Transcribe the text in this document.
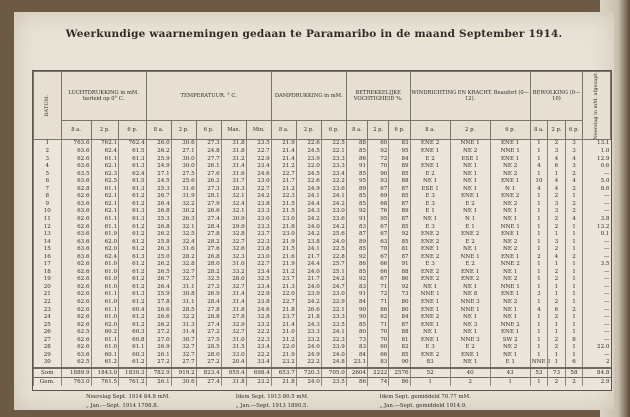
Weerkundige waarnemingen gedaan te Paramaribo in de maand September 1914.
DATUM.	LUCHTDRUKKING in mM. herleid op 0° C.			TEMPERATUUR. ° C.					DAMPDRUKKING in mM.			BETREKKELIJKE VOCHTIGHEID %.			WINDRICHTING EN KRACHT. Beaufort (0—12).			BEWOLKING (0—10)			Neerslag in mM. afgezapt.

	8 a.	2 p.	6 p.	8 a.	2 p.	6 p.	Max.	Min.	8 a.	2 p.	6 p.	8 a.	2 p.	6 p.	8 a.	2 p.	6 p.	8 a.	2 p.	6 p.	
1	763.6	762.1	762.4	26.0	30.6	27.3	31.8	23.5	21.9	22.6	22.5	88	60	83	ENE 2	NNE 1	ENE 1	1	2	3	13.1
2	63.6	62.4	61.5	26.2	27.1	24.8	31.8	22.7	21.4	24.5	22.1	85	92	95	ENE 1	NE 2	NNE 1	1	3	3	1.0
3	62.6	61.1	61.3	25.9	30.0	27.7	31.2	22.9	21.4	23.9	23.3	86	72	84	E 2	ESE 1	ENE 1	1	4	4	12.9
4	63.6	62.1	61.3	24.9	30.0	26.1	31.4	23.4	21.2	22.0	23.3	91	70	89	ENE 1	NE 1	NE 2	4	6	3	0.6
5	63.5	62.3	62.4	27.1	27.5	27.6	31.6	24.6	22.7	24.5	23.4	85	90	85	E 2	NE 1	NE 2	1	1	2	—
6	63.6	62.5	61.5	24.5	25.6	26.2	31.7	23.0	21.7	22.6	22.2	95	93	88	NE 1	NE 1	ENE 1	10	4	4	5.0
7	62.8	61.1	61.3	25.3	31.6	27.3	28.3	22.7	21.2	24.9	23.6	89	67	87	ESE 1	NE 1	N 1	4	4	2	8.6
8	62.6	62.1	61.2	26.7	31.9	28.1	32.1	24.2	22.3	24.1	24.1	85	69	85	E 3	ENE 1	ENE 2	1	2	1	—
9	63.6	62.1	61.2	26.4	32.2	27.9	32.4	23.8	21.5	24.4	24.2	85	68	87	E 3	E 2	NE 2	1	3	2	—
10	63.6	62.1	61.3	26.8	30.2	26.6	32.1	23.3	21.5	24.3	23.0	92	76	89	E 1	NE 1	NE 1	1	3	2	—
11	62.6	61.1	61.3	25.3	26.3	27.4	30.9	23.0	23.0	24.2	23.6	91	95	87	NE 1	N 1	NE 1	1	2	4	3.8
12	62.6	61.1	61.2	26.8	32.1	28.4	29.9	23.3	21.8	24.0	24.2	83	67	85	E 3	E 1	NNE 1	1	2	1	13.2
13	63.6	61.9	61.2	26.2	32.5	27.8	32.8	23.7	23.0	24.2	25.6	87	67	92	ENE 2	ENE 2	ENE 1	1	1	1	0.1
14	63.6	62.0	61.2	25.8	32.4	28.2	32.7	22.3	21.9	23.8	24.0	89	63	85	ENE 2	E 2	NE 2	1	3	1	—
15	63.6	62.0	61.2	26.3	31.6	27.6	32.6	23.8	21.5	24.1	22.5	85	70	81	ENE 1	NE 1	NE 2	1	2	1	—
16	63.6	62.4	61.3	25.0	28.2	26.8	32.3	23.0	21.6	21.7	22.8	92	67	87	ENE 2	NNE 1	ENE 1	2	4	2	—
17	62.6	61.0	61.2	26.2	32.8	28.0	31.0	22.7	21.9	24.4	25.7	86	66	91	E 3	E 2	NNE 2	1	1	1	3.5
18	62.6	61.0	61.2	26.5	32.7	28.2	33.2	23.4	21.2	24.0	25.1	85	66	88	ENE 2	ENE 1	NE 1	1	2	1	—
19	62.6	61.0	61.2	26.7	32.7	32.5	28.0	32.5	23.7	21.7	24.2	92	67	86	ENE 2	ENE 2	NE 2	1	2	1	—
20	62.6	61.0	61.2	26.4	31.1	27.2	32.7	23.4	21.3	24.0	24.7	83	71	92	NE 1	NE 1	NNE 1	1	1	1	—
21	62.6	61.1	61.3	25.9	30.8	26.9	31.4	22.9	22.0	23.9	23.0	91	72	73	NNE 1	NE 8	ENE 1	3	1	1	—
22	62.6	61.0	61.2	27.8	31.1	28.4	31.4	23.8	22.7	24.2	22.9	84	71	80	ENE 1	NNE 3	NE 2	1	2	1	—
23	62.6	61.1	60.4	26.6	28.5	27.8	31.8	24.6	21.8	26.6	22.1	90	86	80	ENE 1	NNE 1	NE 1	4	6	2	—
24	62.6	61.0	61.2	26.6	32.2	28.8	27.8	32.8	23.7	21.8	23.3	90	62	84	ENE 2	NE 1	NE 1	1	2	1	—
25	62.6	62.0	61.2	26.2	31.3	27.4	32.9	23.2	21.4	24.3	23.5	85	71	87	ENE 1	NE 3	NNE 2	1	1	1	—
26	62.5	60.2	60.3	27.2	31.4	27.2	32.7	22.2	21.0	23.3	24.1	80	70	88	NE 1	NE 1	ENE 1	1	1	1	—
27	62.6	61.1	60.8	27.0	30.7	27.5	31.0	22.3	21.2	23.2	22.3	73	70	81	ENE 1	NNE 3	SW 2	1	2	8	—
28	62.6	61.0	61.1	26.9	32.7	28.5	31.5	23.4	22.0	24.0	23.9	83	60	82	E 3	E 2	NE 2	1	2	1	22.0
29	63.6	60.1	60.3	26.1	32.7	28.0	33.0	22.2	21.9	24.9	24.0	84	66	85	ENE 2	ENE 1	NE 1	1	1	1	—
30	62.5	61.2	61.2	27.2	27.7	27.2	20.4	33.4	23.2	22.2	24.8	23.1	83	90	83	NE 1	E 1	NNE 1	1	6	2
Som	1889.9	1843.0	1830.3	782.9	919.2	823.4	955.4	698.4	653.7	720.3	705.0	2604	2222	2576	52	40	43	53	73	58	84.8
Gem.	763.0	761.5	761.2	26.1	30.6	27.4	31.8	23.2	21.8	24.0	23.5	86	74	86	1	2	1	1	2	2	2.9
Neerslag Sept. 1914 84.8 mM.	Idem Sept. 1913 80.5 mM.	Idem Sept. gemiddeld 70.77 mM.
„ Jan.—Sept. 1914 1798.8.	„ Jan.—Sept. 1913 1890.5.	„ Jan.—Sept. gemiddeld 1914.9.
